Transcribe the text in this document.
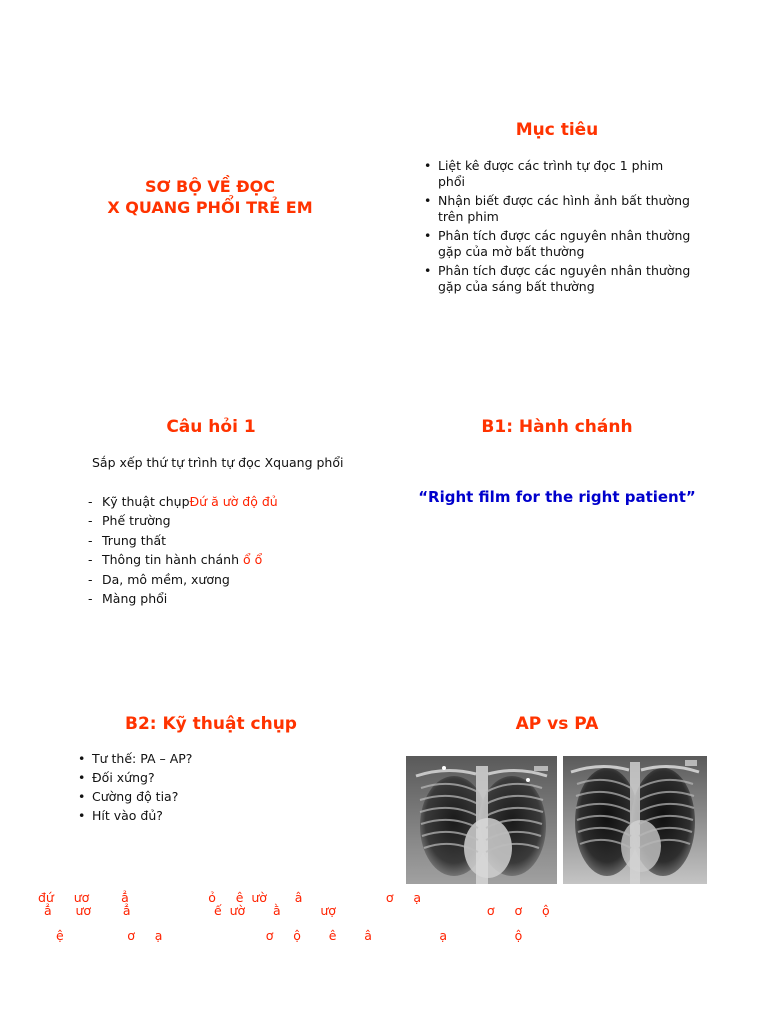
SƠ BỘ VỀ ĐỌC
X QUANG PHỔI TRẺ EM
Mục tiêu
• Liệt kê được các trình tự đọc 1 phim phổi
• Nhận biết được các hình ảnh bất thường trên phim
• Phân tích được các nguyên nhân thường gặp của mờ bất thường
• Phân tích được các nguyên nhân thường gặp của sáng bất thường
Câu hỏi 1
Sắp xếp thứ tự trình tự đọc Xquang phổi
- Kỹ thuật chụpĐứ ă ườ độ đủ
- Phế trường
- Trung thất
- Thông tin hành chánh ổ ổ
- Da, mô mềm, xương
- Màng phổi
B1: Hành chánh
“Right film for the right patient”
B2: Kỹ thuật chụp
• Tư thế: PA – AP?
• Đối xứng?
• Cường độ tia?
• Hít vào đủ?
AP vs PA
đứ     ươ        ẳ                    ỏ     ê  ườ       â                     ơ     ạ
ẳ      ươ        ẳ                     ế  ườ       ằ          ượ                                      ơ     ơ     ộ
ệ                ơ     ạ                          ơ     ộ       ê       â                 ạ                 ộ
